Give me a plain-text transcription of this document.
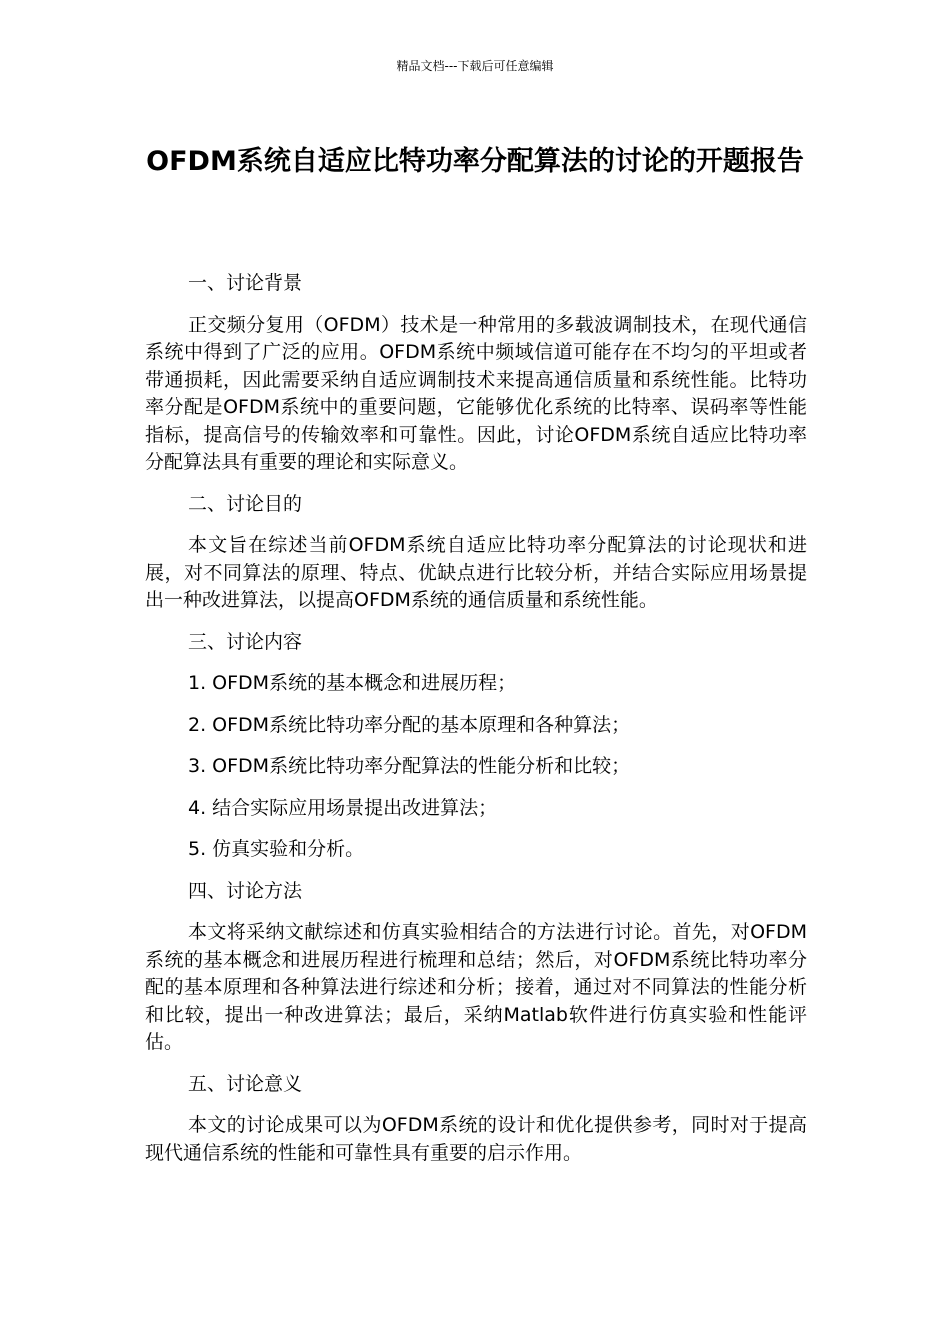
精品文档---下载后可任意编辑
OFDM系统自适应比特功率分配算法的讨论的开题报告

一、讨论背景

正交频分复用（OFDM）技术是一种常用的多载波调制技术，在现代通信系统中得到了广泛的应用。OFDM系统中频域信道可能存在不均匀的平坦或者带通损耗，因此需要采纳自适应调制技术来提高通信质量和系统性能。比特功率分配是OFDM系统中的重要问题，它能够优化系统的比特率、误码率等性能指标，提高信号的传输效率和可靠性。因此，讨论OFDM系统自适应比特功率分配算法具有重要的理论和实际意义。

二、讨论目的

本文旨在综述当前OFDM系统自适应比特功率分配算法的讨论现状和进展，对不同算法的原理、特点、优缺点进行比较分析，并结合实际应用场景提出一种改进算法，以提高OFDM系统的通信质量和系统性能。

三、讨论内容

1. OFDM系统的基本概念和进展历程；

2. OFDM系统比特功率分配的基本原理和各种算法；

3. OFDM系统比特功率分配算法的性能分析和比较；

4. 结合实际应用场景提出改进算法；

5. 仿真实验和分析。

四、讨论方法

本文将采纳文献综述和仿真实验相结合的方法进行讨论。首先，对OFDM系统的基本概念和进展历程进行梳理和总结；然后，对OFDM系统比特功率分配的基本原理和各种算法进行综述和分析；接着，通过对不同算法的性能分析和比较，提出一种改进算法；最后，采纳Matlab软件进行仿真实验和性能评估。

五、讨论意义

本文的讨论成果可以为OFDM系统的设计和优化提供参考，同时对于提高现代通信系统的性能和可靠性具有重要的启示作用。
